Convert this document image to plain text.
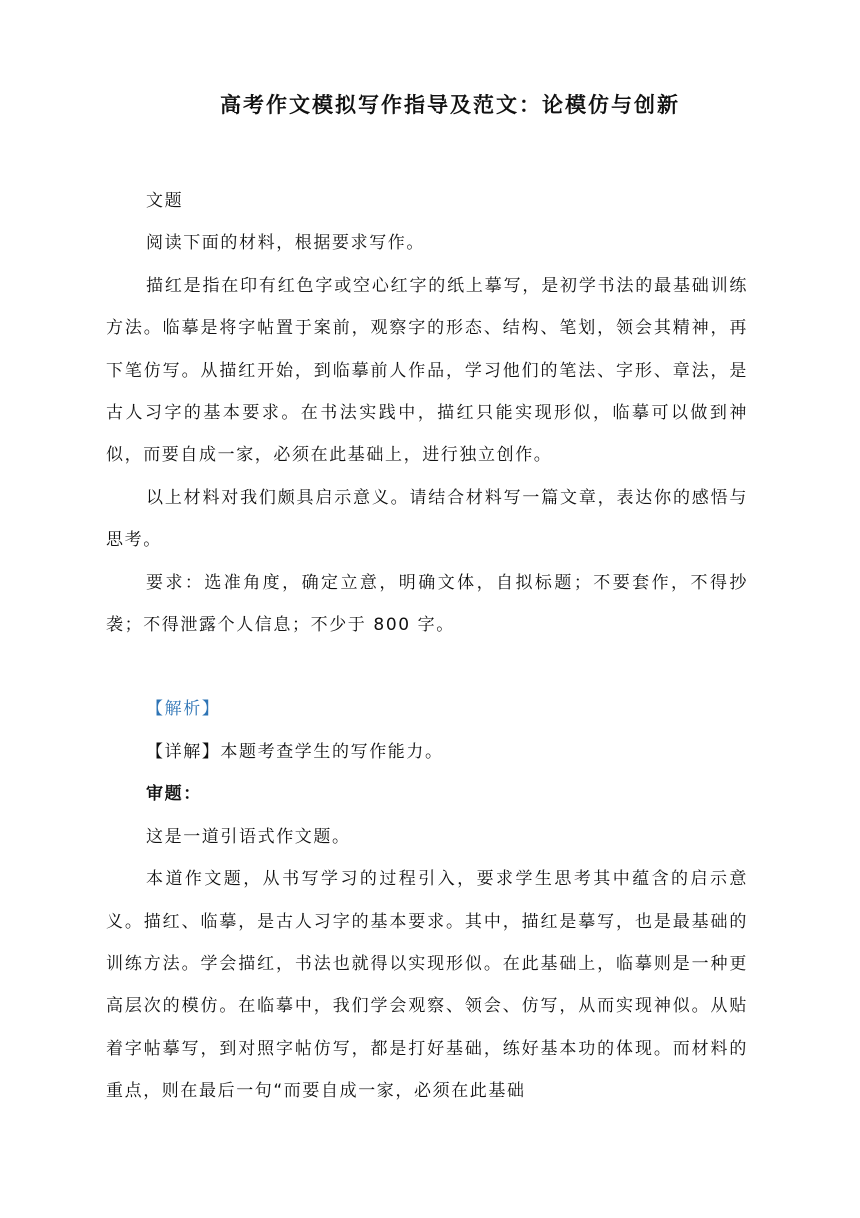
高考作文模拟写作指导及范文：论模仿与创新

文题

阅读下面的材料，根据要求写作。

描红是指在印有红色字或空心红字的纸上摹写，是初学书法的最基础训练方法。临摹是将字帖置于案前，观察字的形态、结构、笔划，领会其精神，再下笔仿写。从描红开始，到临摹前人作品，学习他们的笔法、字形、章法，是古人习字的基本要求。在书法实践中，描红只能实现形似，临摹可以做到神似，而要自成一家，必须在此基础上，进行独立创作。

以上材料对我们颇具启示意义。请结合材料写一篇文章，表达你的感悟与思考。

要求：选准角度，确定立意，明确文体，自拟标题；不要套作，不得抄袭；不得泄露个人信息；不少于 800 字。

【解析】

【详解】本题考查学生的写作能力。

审题：

这是一道引语式作文题。

本道作文题，从书写学习的过程引入，要求学生思考其中蕴含的启示意义。描红、临摹，是古人习字的基本要求。其中，描红是摹写，也是最基础的训练方法。学会描红，书法也就得以实现形似。在此基础上，临摹则是一种更高层次的模仿。在临摹中，我们学会观察、领会、仿写，从而实现神似。从贴着字帖摹写，到对照字帖仿写，都是打好基础，练好基本功的体现。而材料的重点，则在最后一句“而要自成一家，必须在此基础
